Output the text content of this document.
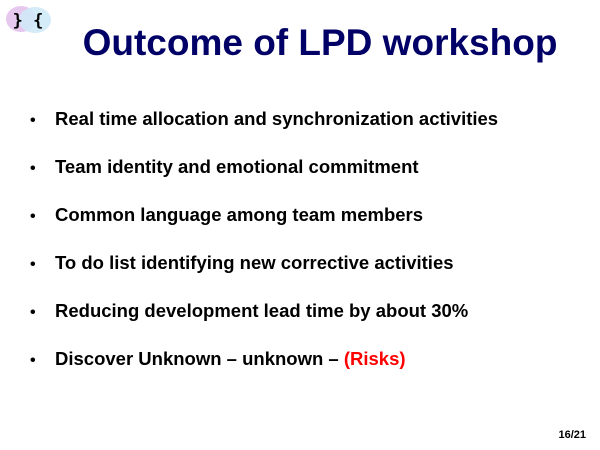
} {
Outcome of LPD workshop
•	Real time allocation and synchronization activities
•	Team identity and emotional commitment
•	Common language among team members
•	To do list identifying new corrective activities
•	Reducing development lead time by about 30%
•	Discover Unknown – unknown – (Risks)
16/21
